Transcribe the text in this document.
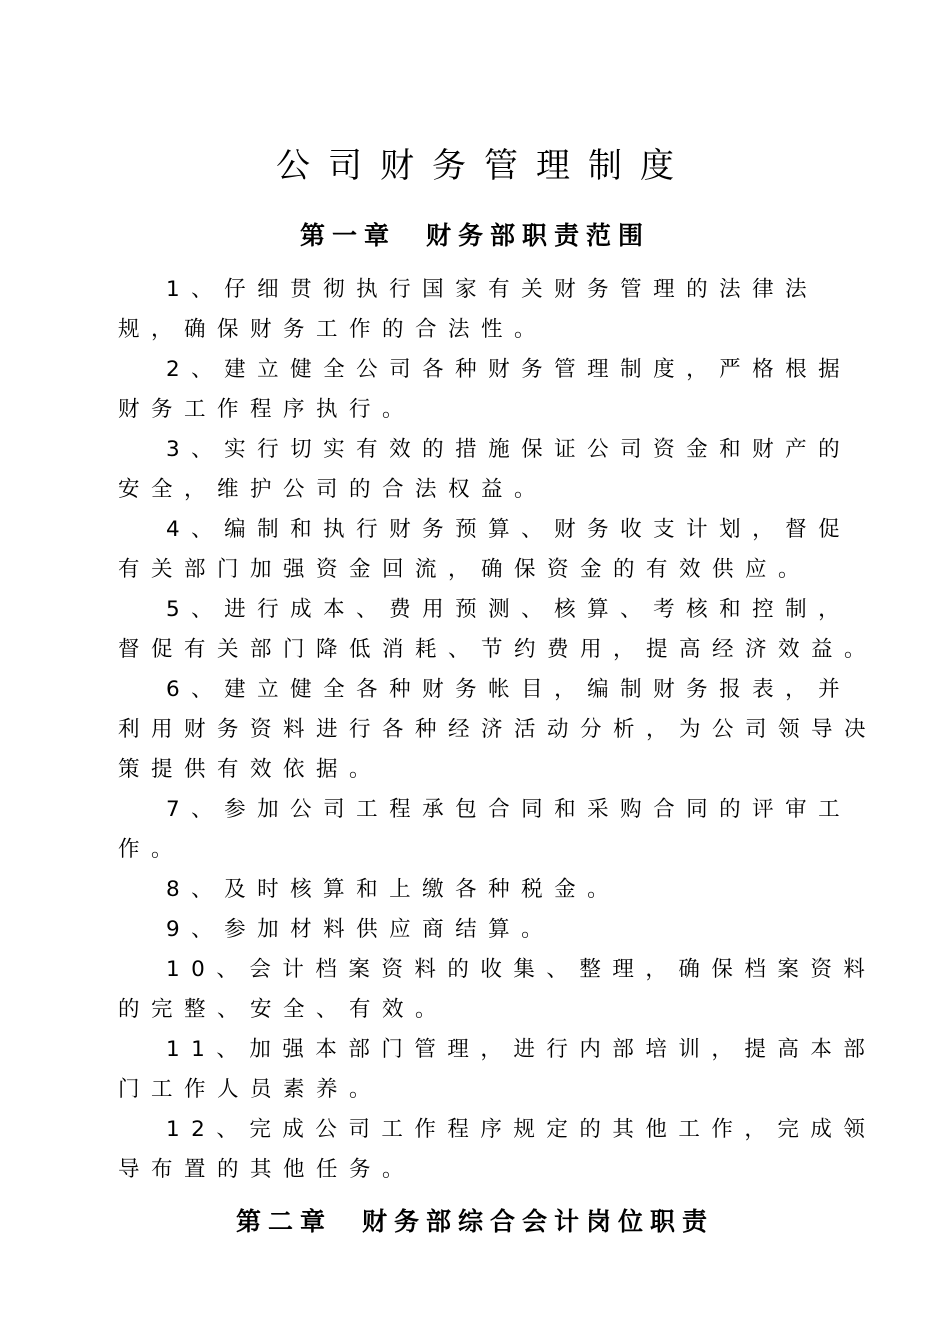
公司财务管理制度
第一章 财务部职责范围
1、仔细贯彻执行国家有关财务管理的法律法规，确保财务工作的合法性。
2、建立健全公司各种财务管理制度，严格根据财务工作程序执行。
3、实行切实有效的措施保证公司资金和财产的安全，维护公司的合法权益。
4、编制和执行财务预算、财务收支计划，督促有关部门加强资金回流，确保资金的有效供应。
5、进行成本、费用预测、核算、考核和控制，督促有关部门降低消耗、节约费用，提高经济效益。
6、建立健全各种财务帐目，编制财务报表，并利用财务资料进行各种经济活动分析，为公司领导决策提供有效依据。
7、参加公司工程承包合同和采购合同的评审工作。
8、及时核算和上缴各种税金。
9、参加材料供应商结算。
10、会计档案资料的收集、整理，确保档案资料的完整、安全、有效。
11、加强本部门管理，进行内部培训，提高本部门工作人员素养。
12、完成公司工作程序规定的其他工作，完成领导布置的其他任务。
第二章 财务部综合会计岗位职责
